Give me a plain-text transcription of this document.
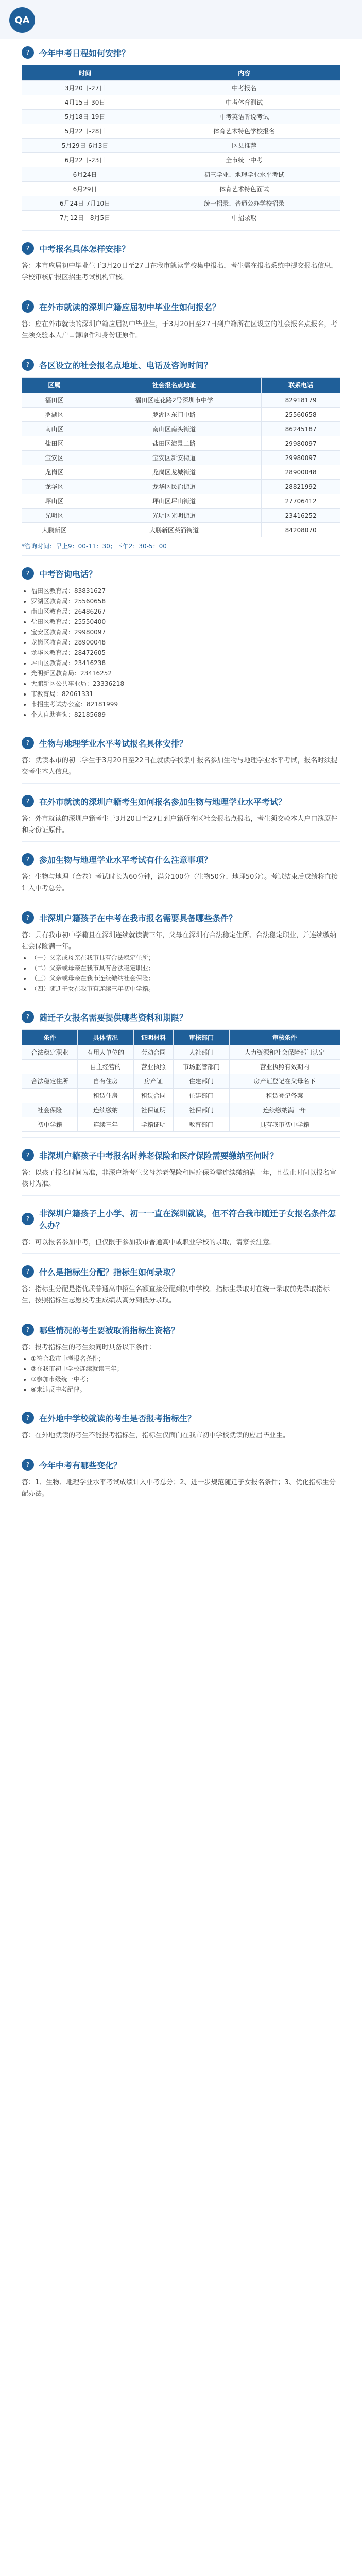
QA
?	今年中考日程如何安排？
时间	内容
3月20日-27日	中考报名
4月15日-30日	中考体育测试
5月18日-19日	中考英语听说考试
5月22日-28日	体育艺术特色学校报名
5月29日-6月3日	区县推荐
6月22日-23日	全市统一中考
6月24日	初三学业、地理学业水平考试
6月29日	体育艺术特色面试
6月24日-7月10日	统一招录、普通公办学校招录
7月12日—8月5日	中招录取
?	中考报名具体怎样安排？
答：本市应届初中毕业生于3月20日至27日在我市就读学校集中报名，考生需在报名系统中提交报名信息，学校审核后报区招生考试机构审核。
?	在外市就读的深圳户籍应届初中毕业生如何报名？
答：应在外市就读的深圳户籍应届初中毕业生，于3月20日至27日到户籍所在区设立的社会报名点报名，考生须交验本人户口簿原件和身份证原件。
?	各区设立的社会报名点地址、电话及咨询时间？
区属	社会报名点地址	联系电话
福田区	福田区莲花路2号深圳市中学	82918179
罗湖区	罗湖区东门中路	25560658
南山区	南山区南头街道	86245187
盐田区	盐田区海景二路	29980097
宝安区	宝安区新安街道	29980097
龙岗区	龙岗区龙城街道	28900048
龙华区	龙华区民治街道	28821992
坪山区	坪山区坪山街道	27706412
光明区	光明区光明街道	23416252
大鹏新区	大鹏新区葵涌街道	84208070
*咨询时间：早上9：00-11：30；下午2：30-5：00
?	中考咨询电话？
• 福田区教育局：83831627
• 罗湖区教育局：25560658
• 南山区教育局：26486267
• 盐田区教育局：25550400
• 宝安区教育局：29980097
• 龙岗区教育局：28900048
• 龙华区教育局：28472605
• 坪山区教育局：23416238
• 光明新区教育局：23416252
• 大鹏新区公共事业局：23336218
• 市教育局：82061331
• 市招生考试办公室：82181999
• 个人自助查询：82185689
?	生物与地理学业水平考试报名具体安排？
答：就读本市的初二学生于3月20日至22日在就读学校集中报名参加生物与地理学业水平考试，报名时须提交考生本人信息。
?	在外市就读的深圳户籍考生如何报名参加生物与地理学业水平考试？
答：外市就读的深圳户籍考生于3月20日至27日到户籍所在区社会报名点报名，考生须交验本人户口簿原件和身份证原件。
?	参加生物与地理学业水平考试有什么注意事项？
答：生物与地理（合卷）考试时长为60分钟，满分100分（生物50分、地理50分）。考试结束后成绩将直接计入中考总分。
?	非深圳户籍孩子在中考在我市报名需要具备哪些条件？
答：具有我市初中学籍且在深圳连续就读满三年，父母在深圳有合法稳定住所、合法稳定职业，并连续缴纳社会保险满一年。
• （一）父亲或母亲在我市具有合法稳定住所；
• （二）父亲或母亲在我市具有合法稳定职业；
• （三）父亲或母亲在我市连续缴纳社会保险；
• （四）随迁子女在我市有连续三年初中学籍。
?	随迁子女报名需要提供哪些资料和期限？
条件	具体情况	证明材料	审核部门	审核条件
合法稳定职业	有用人单位的	劳动合同	人社部门	人力资源和社会保障部门认定
	自主经营的	营业执照	市场监管部门	营业执照有效期内
合法稳定住所	自有住房	房产证	住建部门	房产证登记在父母名下
	租赁住房	租赁合同	住建部门	租赁登记备案
社会保险	连续缴纳	社保证明	社保部门	连续缴纳满一年
初中学籍	连续三年	学籍证明	教育部门	具有我市初中学籍
?	非深圳户籍孩子中考报名时养老保险和医疗保险需要缴纳至何时？
答：以孩子报名时间为准，非深户籍考生父母养老保险和医疗保险需连续缴纳满一年，且截止时间以报名审核时为准。
?
非深圳户籍孩子上小学、初一一直在深圳就读，但不符合我市随迁子女报名条件怎么办？
答：可以报名参加中考，但仅限于参加我市普通高中或职业学校的录取，请家长注意。
?	什么是指标生分配？指标生如何录取？
答：指标生分配是指优质普通高中招生名额直接分配到初中学校。指标生录取时在统一录取前先录取指标生，按照指标生志愿及考生成绩从高分到低分录取。
?	哪些情况的考生要被取消指标生资格？
答：报考指标生的考生须同时具备以下条件：
• ①符合我市中考报名条件；
• ②在我市初中学校连续就读三年；
• ③参加市级统一中考；
• ④未违反中考纪律。
?	在外地中学校就读的考生是否报考指标生？
答：在外地就读的考生不能报考指标生，指标生仅面向在我市初中学校就读的应届毕业生。
?	今年中考有哪些变化？
答：1、生物、地理学业水平考试成绩计入中考总分；2、进一步规范随迁子女报名条件；3、优化指标生分配办法。
